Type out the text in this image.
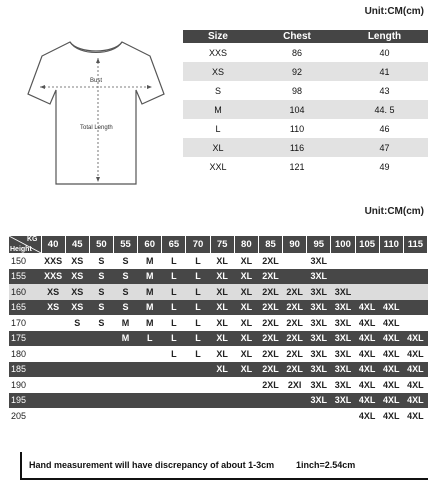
Unit:CM(cm)
Bust
Total Length
Size	Chest	Length
XXS	86	40
XS	92	41
S	98	43
M	104	44. 5
L	110	46
XL	116	47
XXL	121	49
Unit:CM(cm)
KG
Height	40	45	50	55	60	65	70	75	80	85	90	95	100	105	110	115
150	XXS	XS	S	S	M	L	L	XL	XL	2XL		3XL				
155	XXS	XS	S	S	M	L	L	XL	XL	2XL		3XL				
160	XS	XS	S	S	M	L	L	XL	XL	2XL	2XL	3XL	3XL			
165	XS	XS	S	S	M	L	L	XL	XL	2XL	2XL	3XL	3XL	4XL	4XL	
170		S	S	M	M	L	L	XL	XL	2XL	2XL	3XL	3XL	4XL	4XL	
175				M	L	L	L	XL	XL	2XL	2XL	3XL	3XL	4XL	4XL	4XL
180						L	L	XL	XL	2XL	2XL	3XL	3XL	4XL	4XL	4XL
185								XL	XL	2XL	2XL	3XL	3XL	4XL	4XL	4XL
190										2XL	2XI	3XL	3XL	4XL	4XL	4XL
195												3XL	3XL	4XL	4XL	4XL
205														4XL	4XL	4XL
Hand measurement will have discrepancy of about 1-3cm 1inch=2.54cm
